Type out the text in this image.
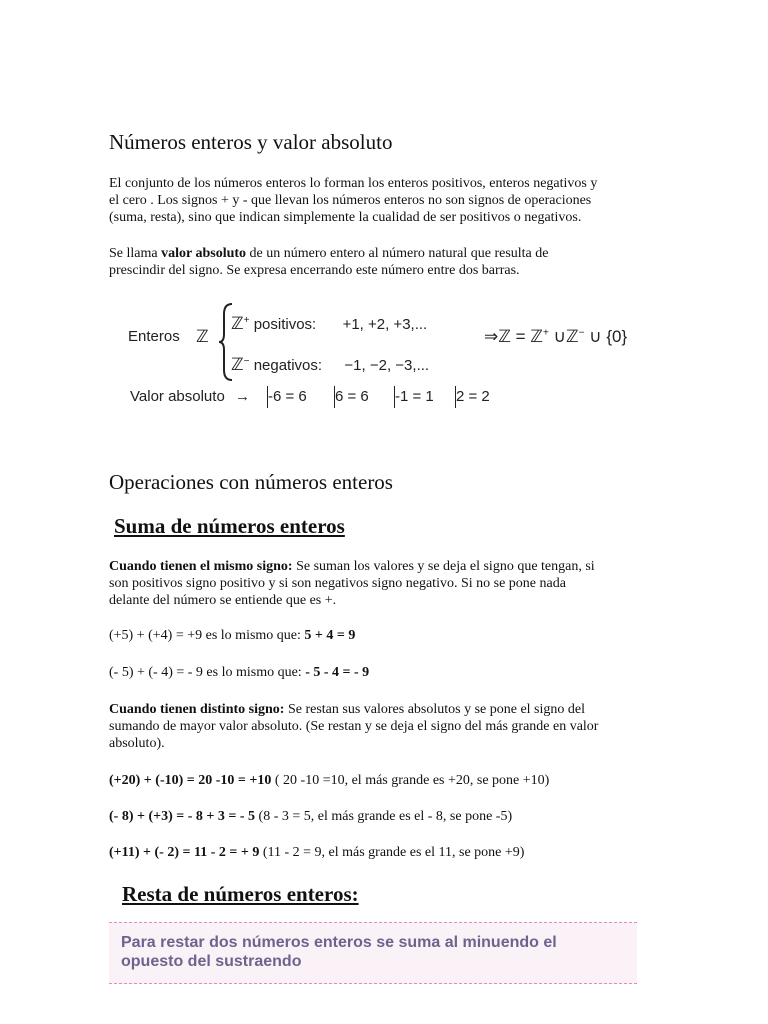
Números enteros y valor absoluto
El conjunto de los números enteros lo forman los enteros positivos, enteros negativos y
el cero . Los signos + y - que llevan los números enteros no son signos de operaciones
(suma, resta), sino que indican simplemente la cualidad de ser positivos o negativos.
Se llama valor absoluto de un número entero al número natural que resulta de
prescindir del signo. Se expresa encerrando este número entre dos barras.
Enteros ℤ
ℤ+ positivos: +1, +2, +3,...
ℤ− negativos: −1, −2, −3,...
⇒ℤ = ℤ+ ∪ℤ− ∪ {0}
Valor absoluto → -6 = 6 6 = 6 -1 = 1 2 = 2
Operaciones con números enteros
Suma de números enteros
Cuando tienen el mismo signo: Se suman los valores y se deja el signo que tengan, si
son positivos signo positivo y si son negativos signo negativo. Si no se pone nada
delante del número se entiende que es +.
(+5) + (+4) = +9 es lo mismo que: 5 + 4 = 9
(- 5) + (- 4) = - 9 es lo mismo que: - 5 - 4 = - 9
Cuando tienen distinto signo: Se restan sus valores absolutos y se pone el signo del
sumando de mayor valor absoluto. (Se restan y se deja el signo del más grande en valor
absoluto).
(+20) + (-10) = 20 -10 = +10 ( 20 -10 =10, el más grande es +20, se pone +10)
(- 8) + (+3) = - 8 + 3 = - 5 (8 - 3 = 5, el más grande es el - 8, se pone -5)
(+11) + (- 2) = 11 - 2 = + 9 (11 - 2 = 9, el más grande es el 11, se pone +9)
Resta de números enteros:
Para restar dos números enteros se suma al minuendo el opuesto del sustraendo
